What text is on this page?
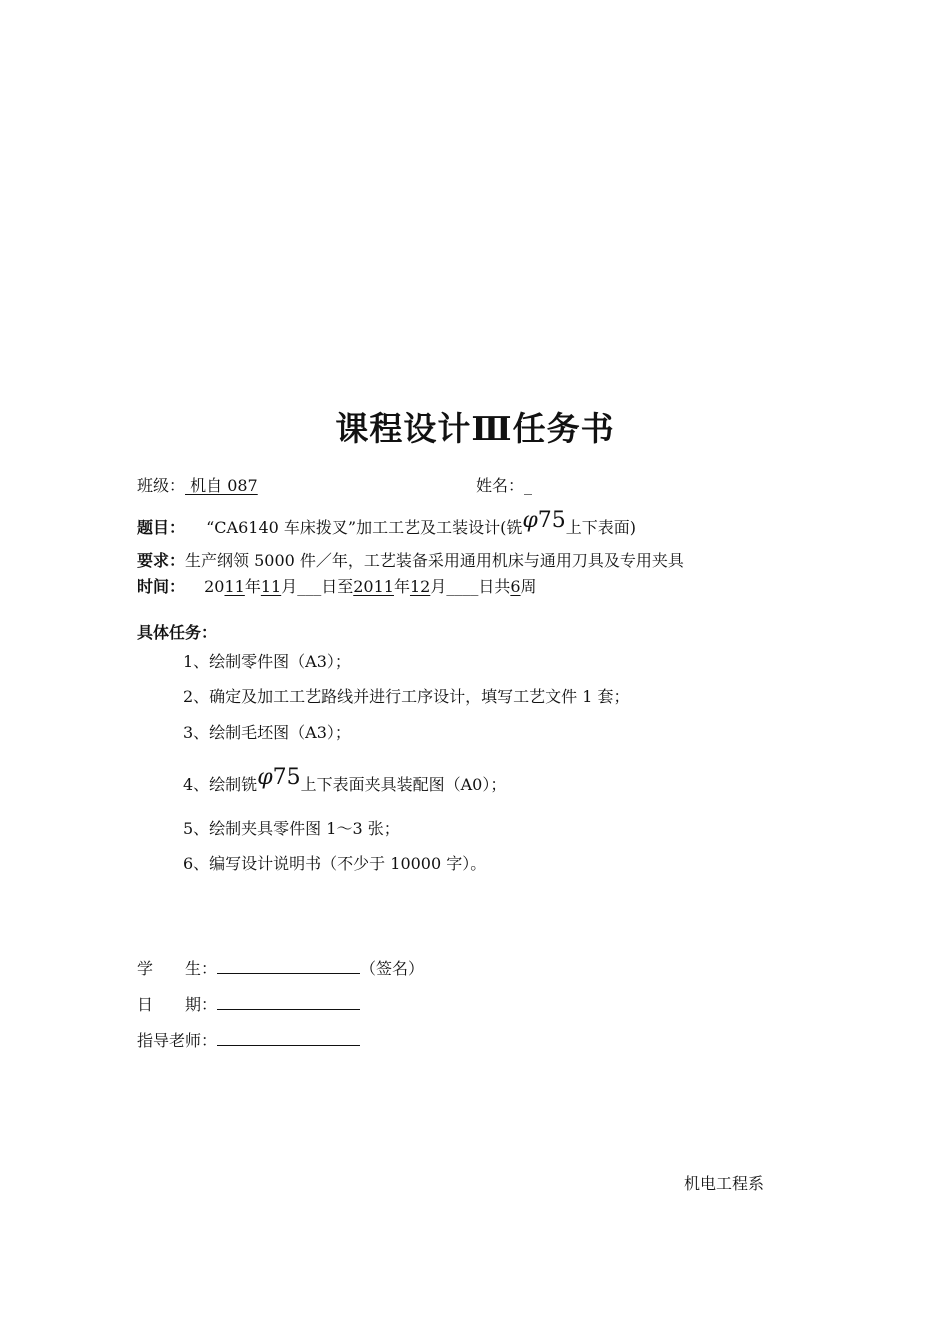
课程设计Ⅲ任务书
班级： 机自 087	姓名：_
题目： “CA6140 车床拨叉”加工工艺及工装设计(铣φ75上下表面)
要求：生产纲领 5000 件／年，工艺装备采用通用机床与通用刀具及专用夹具
时间： 2011年11月___日至2011年12月____日共6周
具体任务：
1、绘制零件图（A3）；
2、确定及加工工艺路线并进行工序设计，填写工艺文件 1 套；
3、绘制毛坯图（A3）；
4、绘制铣φ75上下表面夹具装配图（A0）；
5、绘制夹具零件图 1～3 张；
6、编写设计说明书（不少于 10000 字）。
学　　生：	（签名）
日　　期：
指导老师：
机电工程系
